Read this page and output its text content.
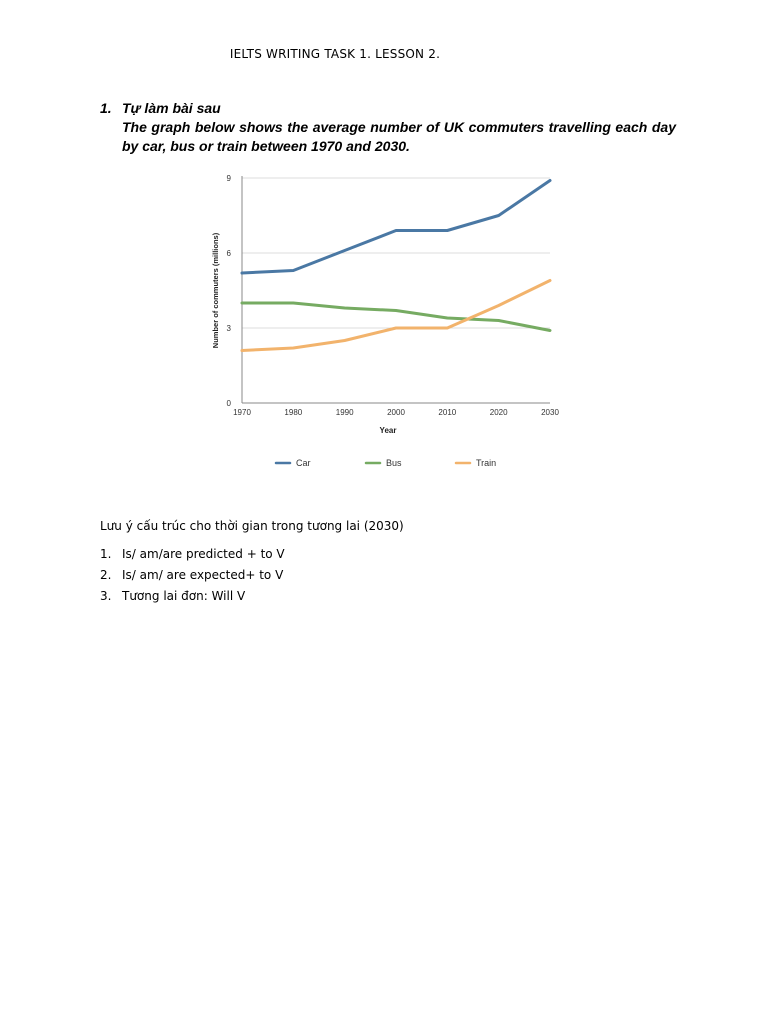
IELTS WRITING TASK 1. LESSON 2.
1. Tự làm bài sau
The graph below shows the average number of UK commuters travelling each day by car, bus or train between 1970 and 2030.
0
3
6
9
1970	1980	1990	2000	2010	2020	2030
Year
Number of commuters (millions)
Car	Bus	Train
Lưu ý cấu trúc cho thời gian trong tương lai (2030)
1. Is/ am/are predicted + to V
2. Is/ am/ are expected+ to V
3. Tương lai đơn: Will V
